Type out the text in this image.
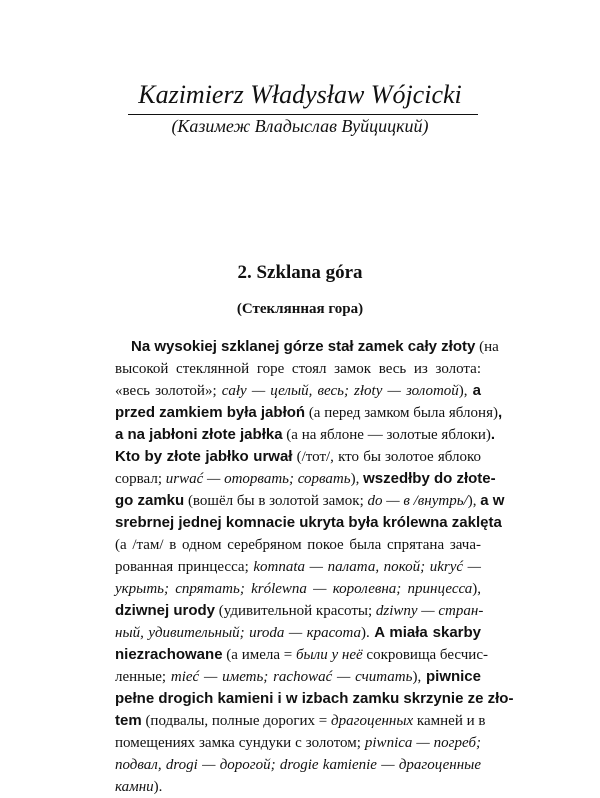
Kazimierz Władysław Wójcicki
(Казимеж Владыслав Вуйцицкий)
2. Szklana góra
(Стеклянная гора)
Na wysokiej szklanej górze stał zamek cały złoty (на
высокой стеклянной горе стоял замок весь из золота:
«весь золотой»; cały — целый, весь; złoty — золотой), a
przed zamkiem była jabłoń (а перед замком была яблоня),
a na jabłoni złote jabłka (а на яблоне — золотые яблоки).
Kto by złote jabłko urwał (/тот/, кто бы золотое яблоко
сорвал; urwać — оторвать; сорвать), wszedłby do złote-
go zamku (вошёл бы в золотой замок; do — в /внутрь/), a w
srebrnej jednej komnacie ukryta była królewna zaklęta
(а /там/ в одном серебряном покое была спрятана зача-
рованная принцесса; komnata — палата, покой; ukryć —
укрыть; спрятать; królewna — королевна; принцесса),
dziwnej urody (удивительной красоты; dziwny — стран-
ный, удивительный; uroda — красота). A miała skarby
niezrachowane (а имела = были у неё сокровища бесчис-
ленные; mieć — иметь; rachować — считать), piwnice
pełne drogich kamieni i w izbach zamku skrzynie ze zło-
tem (подвалы, полные дорогих = драгоценных камней и в
помещениях замка сундуки с золотом; piwnica — погреб;
подвал, drogi — дорогой; drogie kamienie — драгоценные
камни).
